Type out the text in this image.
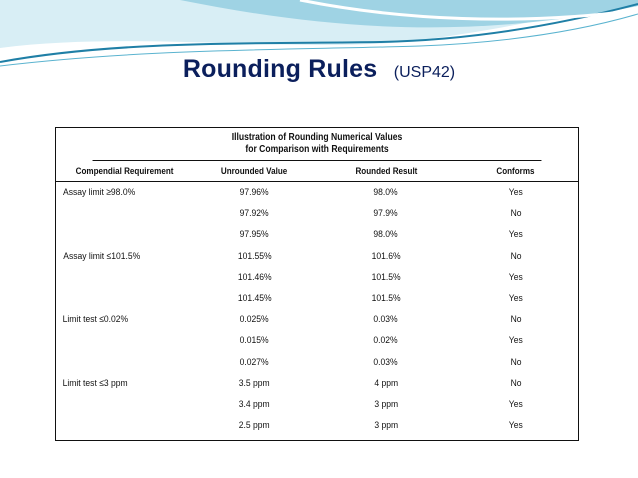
Rounding Rules (USP42)
Illustration of Rounding Numerical Values
for Comparison with Requirements
Compendial Requirement	Unrounded Value	Rounded Result	Conforms
Assay limit ≥98.0%	97.96%	98.0%	Yes
	97.92%	97.9%	No
	97.95%	98.0%	Yes
Assay limit ≤101.5%	101.55%	101.6%	No
	101.46%	101.5%	Yes
	101.45%	101.5%	Yes
Limit test ≤0.02%	0.025%	0.03%	No
	0.015%	0.02%	Yes
	0.027%	0.03%	No
Limit test ≤3 ppm	3.5 ppm	4 ppm	No
	3.4 ppm	3 ppm	Yes
	2.5 ppm	3 ppm	Yes
